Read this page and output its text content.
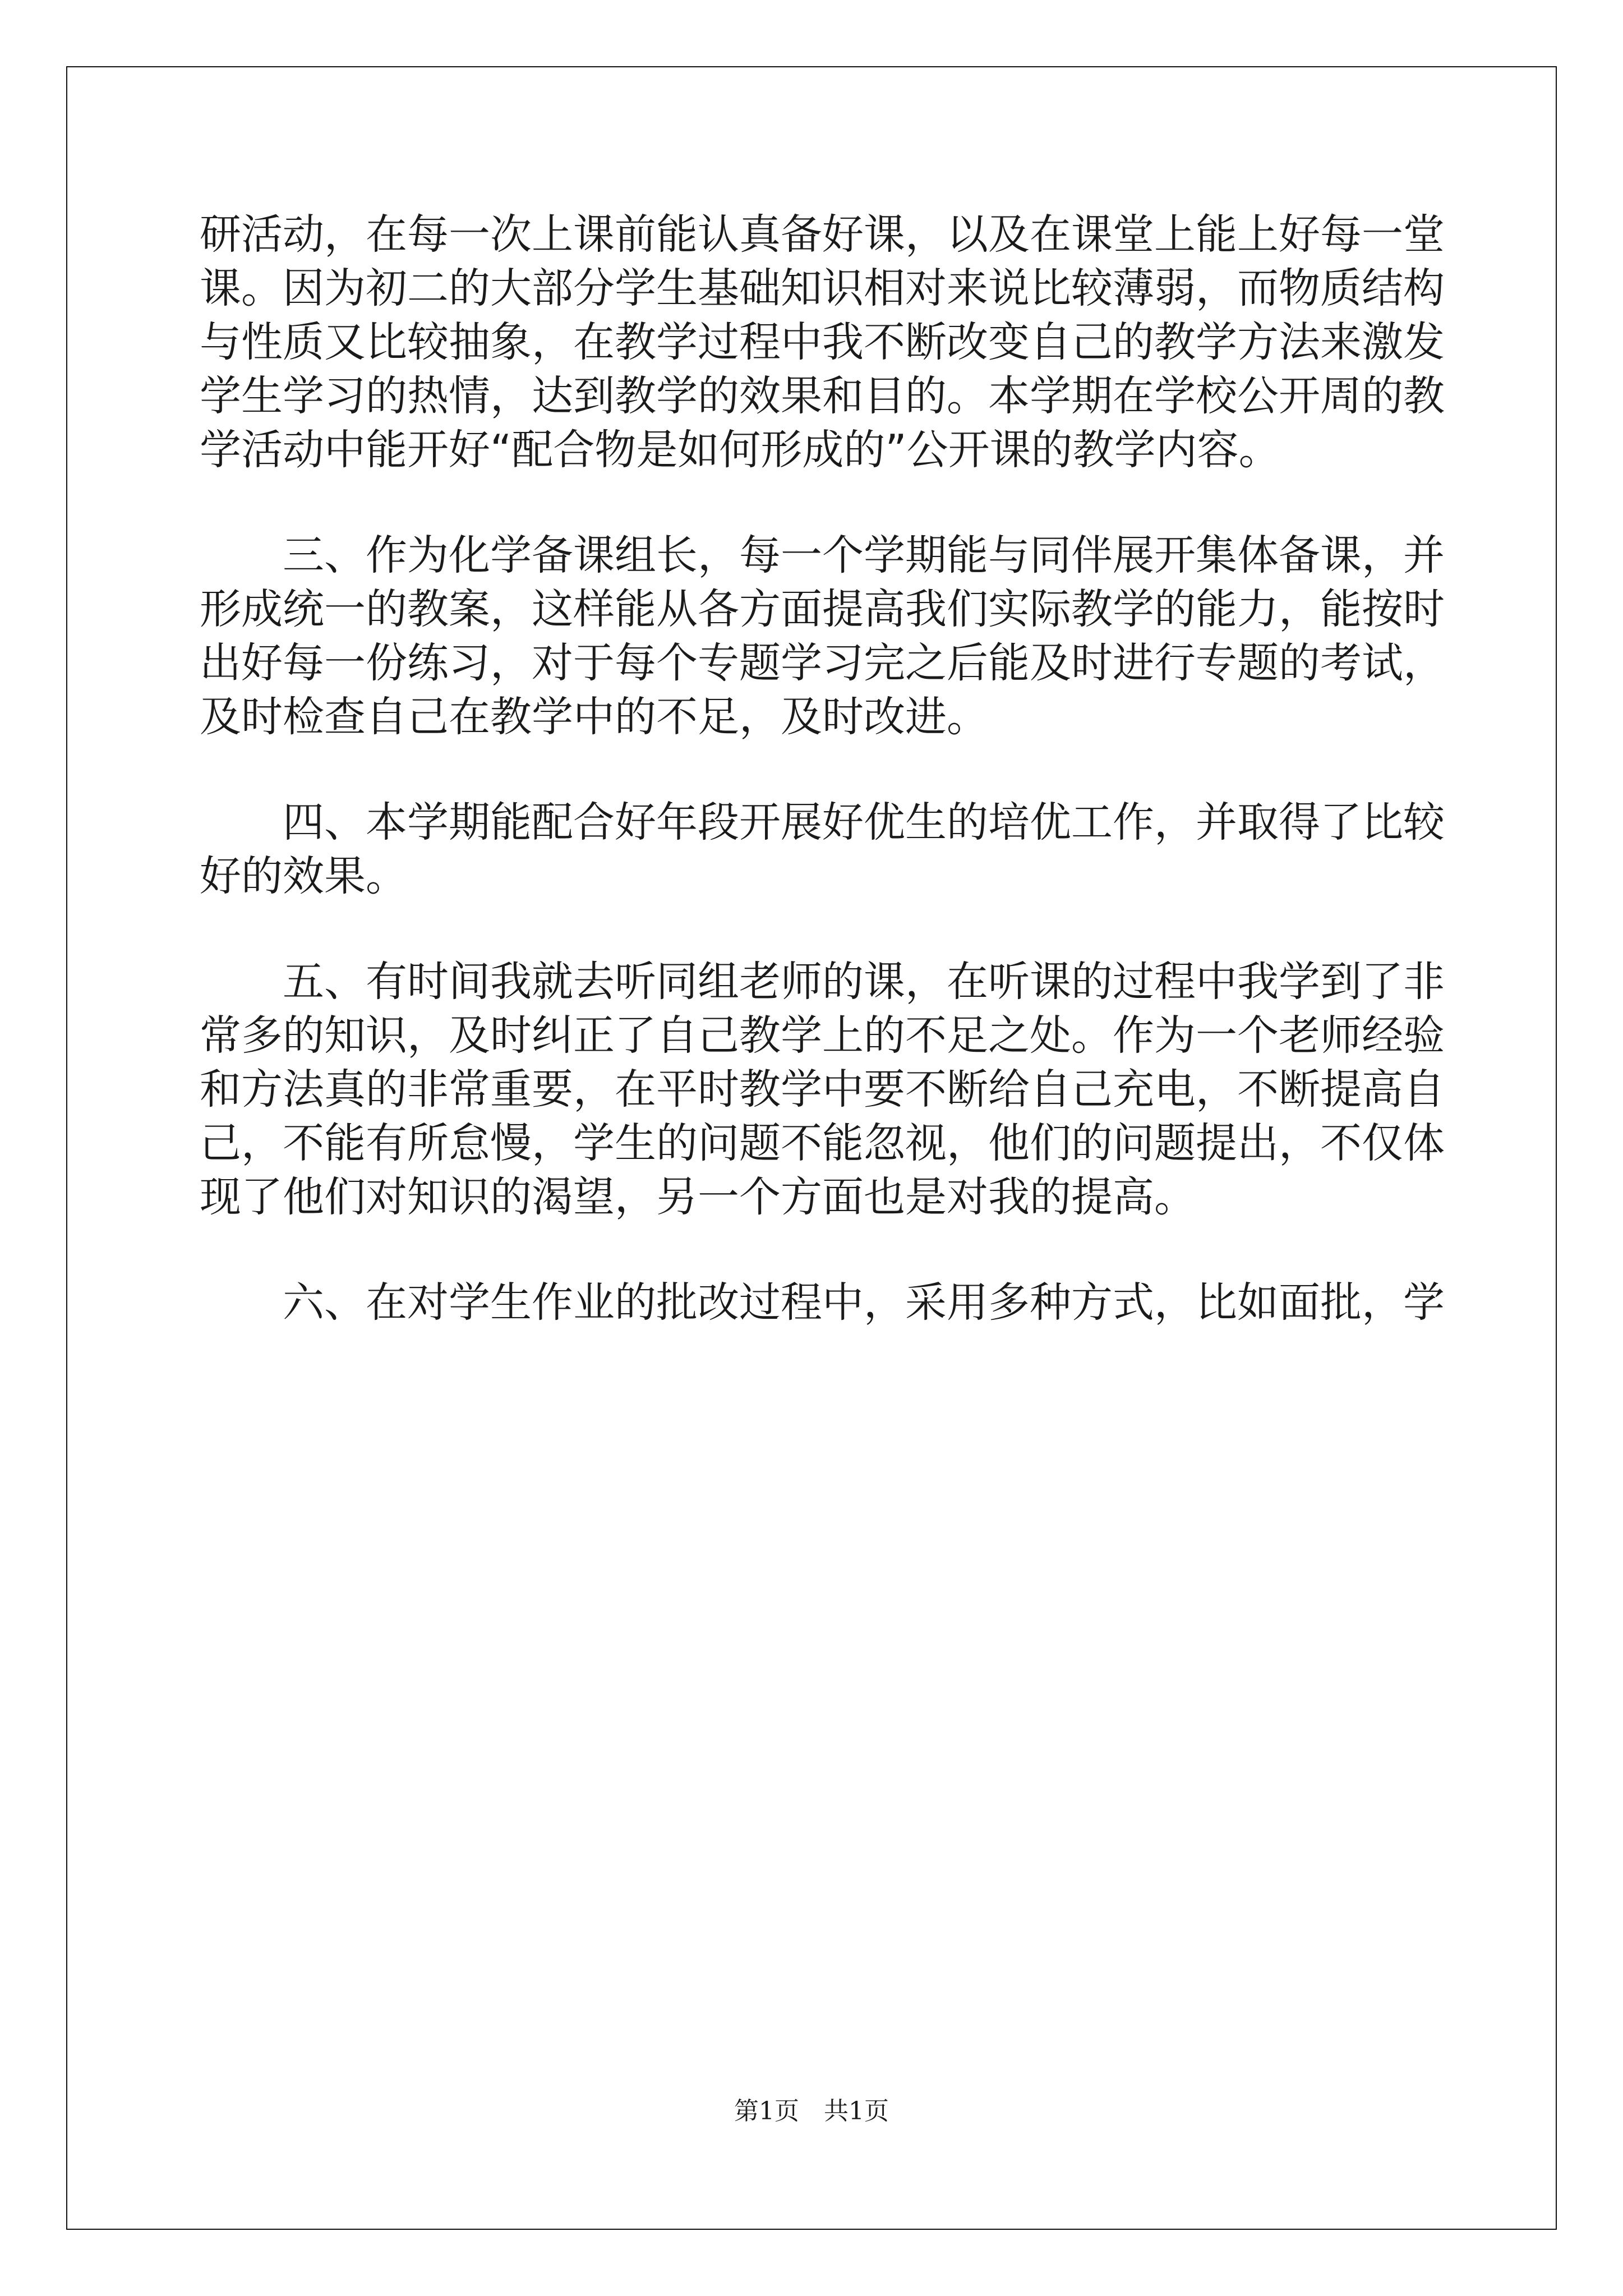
研活动，在每一次上课前能认真备好课，以及在课堂上能上好每一堂
课。因为初二的大部分学生基础知识相对来说比较薄弱，而物质结构
与性质又比较抽象，在教学过程中我不断改变自己的教学方法来激发
学生学习的热情，达到教学的效果和目的。本学期在学校公开周的教
学活动中能开好“配合物是如何形成的”公开课的教学内容。
　　三、作为化学备课组长，每一个学期能与同伴展开集体备课，并
形成统一的教案，这样能从各方面提高我们实际教学的能力，能按时
出好每一份练习，对于每个专题学习完之后能及时进行专题的考试，
及时检查自己在教学中的不足，及时改进。
　　四、本学期能配合好年段开展好优生的培优工作，并取得了比较
好的效果。
　　五、有时间我就去听同组老师的课，在听课的过程中我学到了非
常多的知识，及时纠正了自己教学上的不足之处。作为一个老师经验
和方法真的非常重要，在平时教学中要不断给自己充电，不断提高自
己，不能有所怠慢，学生的问题不能忽视，他们的问题提出，不仅体
现了他们对知识的渴望，另一个方面也是对我的提高。
　　六、在对学生作业的批改过程中，采用多种方式，比如面批，学
第1页　共1页
